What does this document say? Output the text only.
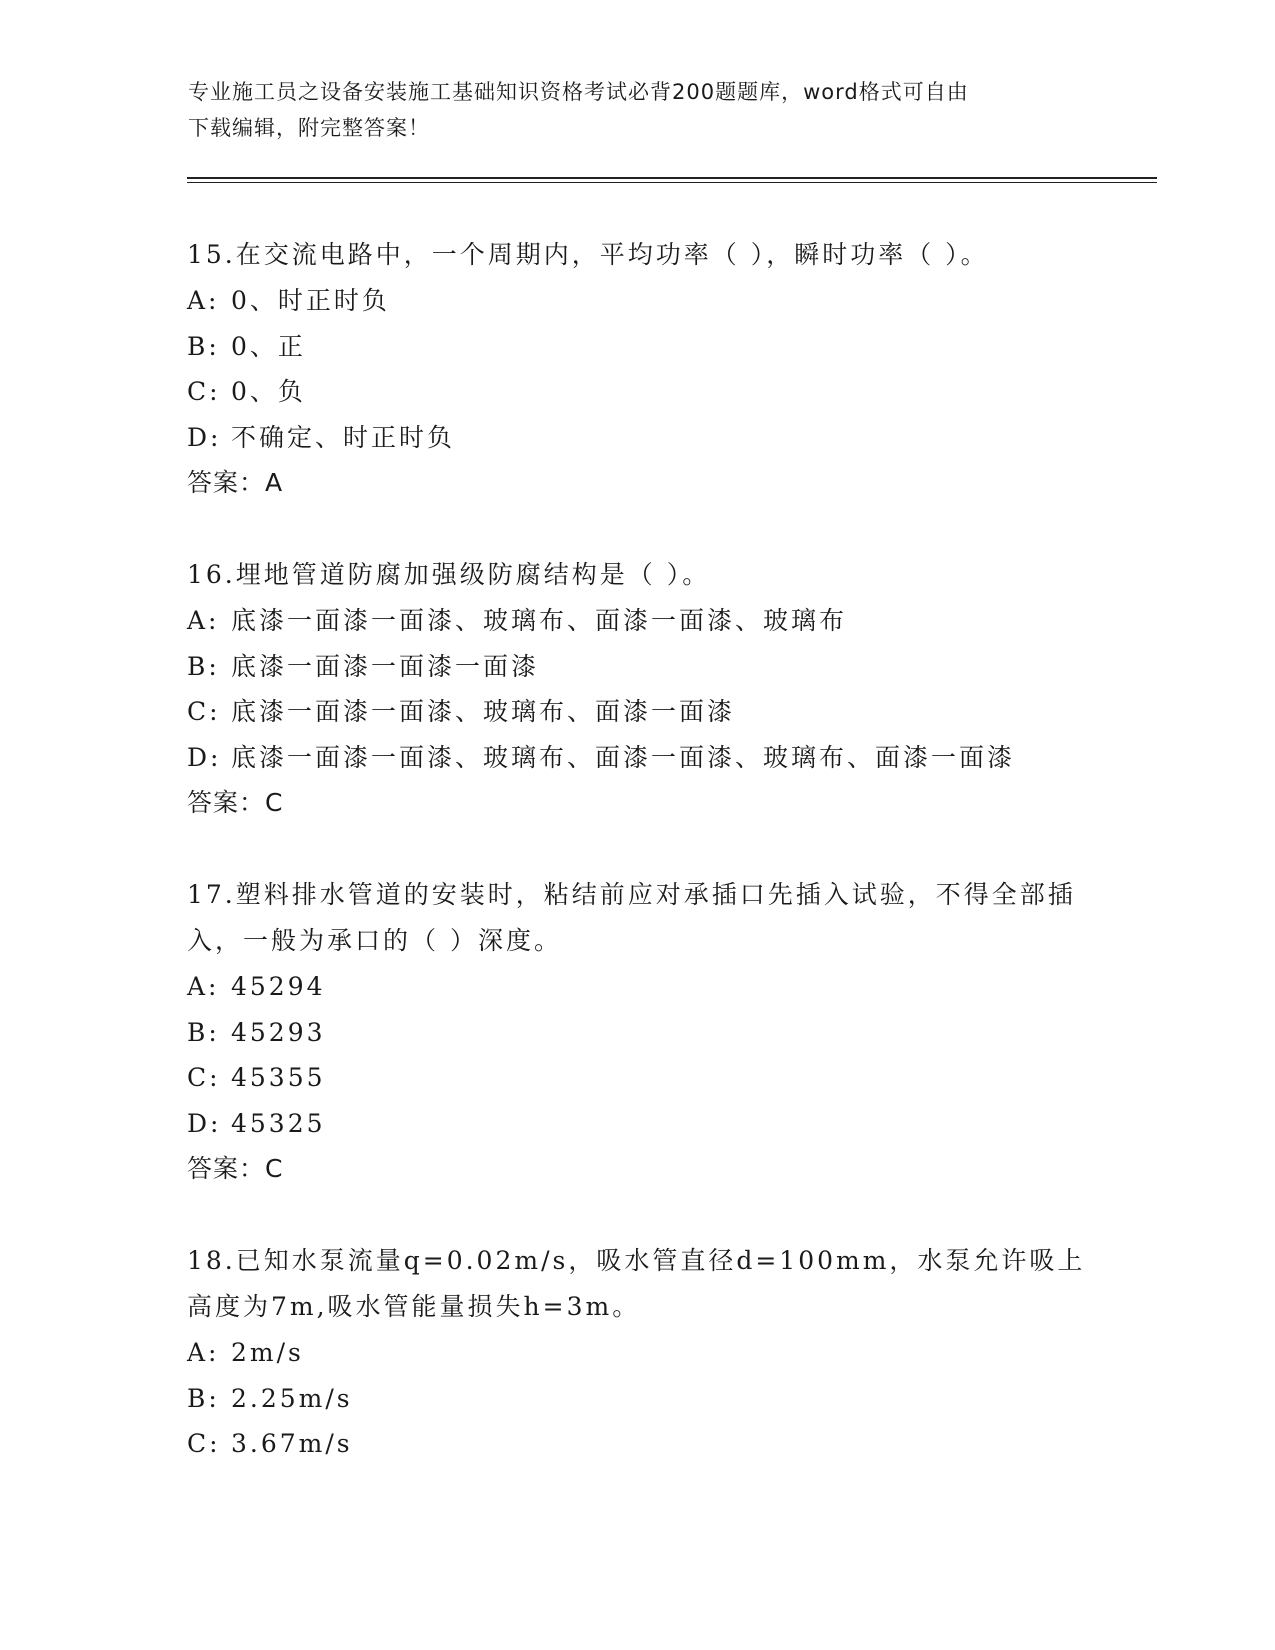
专业施工员之设备安装施工基础知识资格考试必背200题题库，word格式可自由
下载编辑，附完整答案！
15.在交流电路中，一个周期内，平均功率（ ），瞬时功率（ ）。
A: 0、时正时负
B: 0、正
C: 0、负
D: 不确定、时正时负
答案：A
16.埋地管道防腐加强级防腐结构是（ ）。
A: 底漆一面漆一面漆、玻璃布、面漆一面漆、玻璃布
B: 底漆一面漆一面漆一面漆
C: 底漆一面漆一面漆、玻璃布、面漆一面漆
D: 底漆一面漆一面漆、玻璃布、面漆一面漆、玻璃布、面漆一面漆
答案：C
17.塑料排水管道的安装时，粘结前应对承插口先插入试验，不得全部插入，一般为承口的（ ）深度。
A: 45294
B: 45293
C: 45355
D: 45325
答案：C
18.已知水泵流量q=0.02m/s，吸水管直径d=100mm，水泵允许吸上高度为7m,吸水管能量损失h=3m。
A: 2m/s
B: 2.25m/s
C: 3.67m/s
